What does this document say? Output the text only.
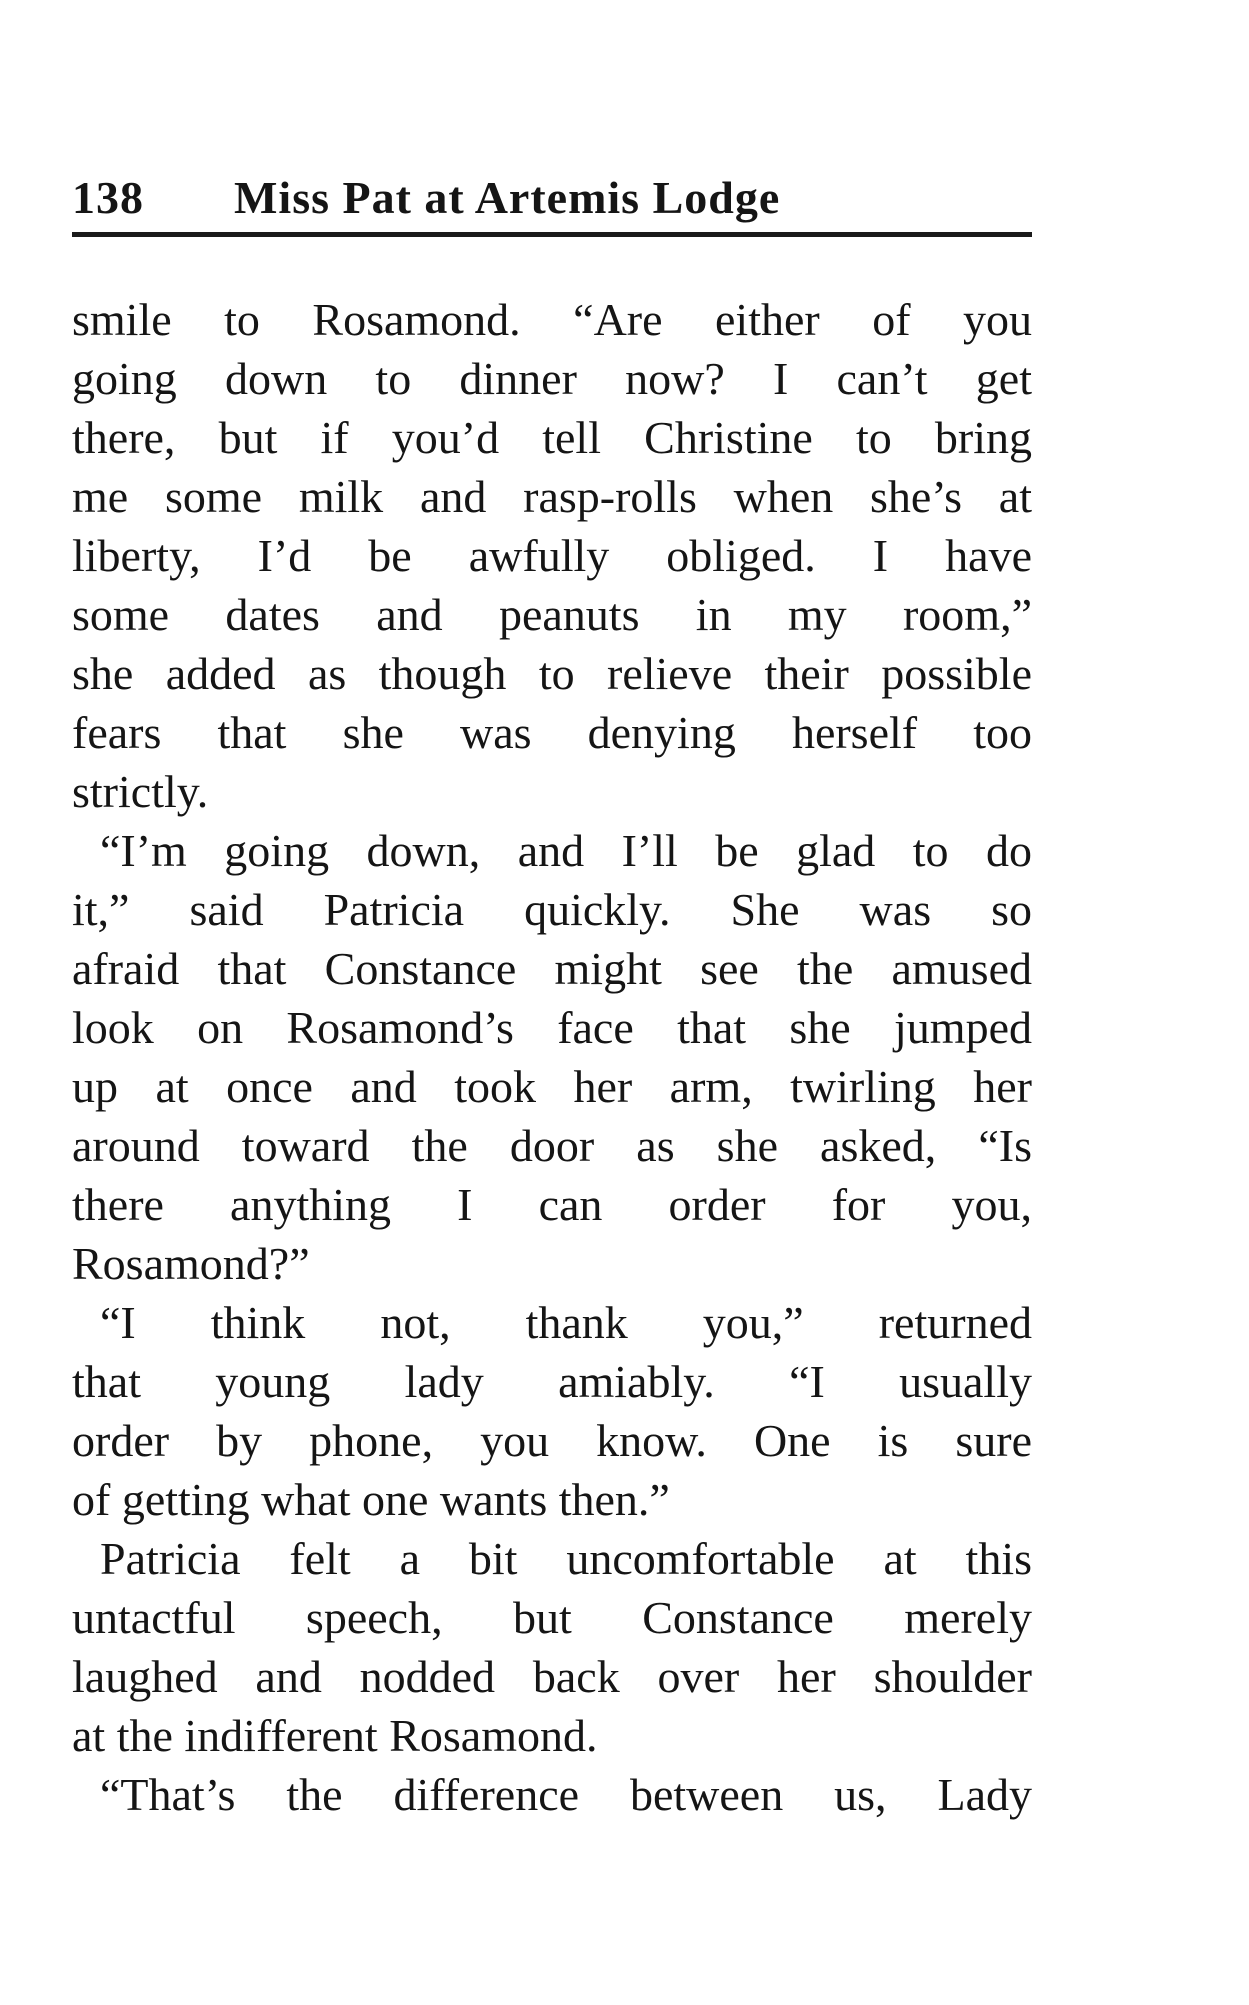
138 Miss Pat at Artemis Lodge
smile to Rosamond. “Are either of you
going down to dinner now? I can’t get
there, but if you’d tell Christine to bring
me some milk and rasp-rolls when she’s at
liberty, I’d be awfully obliged. I have
some dates and peanuts in my room,”
she added as though to relieve their possible
fears that she was denying herself too
strictly.
“I’m going down, and I’ll be glad to do
it,” said Patricia quickly. She was so
afraid that Constance might see the amused
look on Rosamond’s face that she jumped
up at once and took her arm, twirling her
around toward the door as she asked, “Is
there anything I can order for you,
Rosamond?”
“I think not, thank you,” returned
that young lady amiably. “I usually
order by phone, you know. One is sure
of getting what one wants then.”
Patricia felt a bit uncomfortable at this
untactful speech, but Constance merely
laughed and nodded back over her shoulder
at the indifferent Rosamond.
“That’s the difference between us, Lady
